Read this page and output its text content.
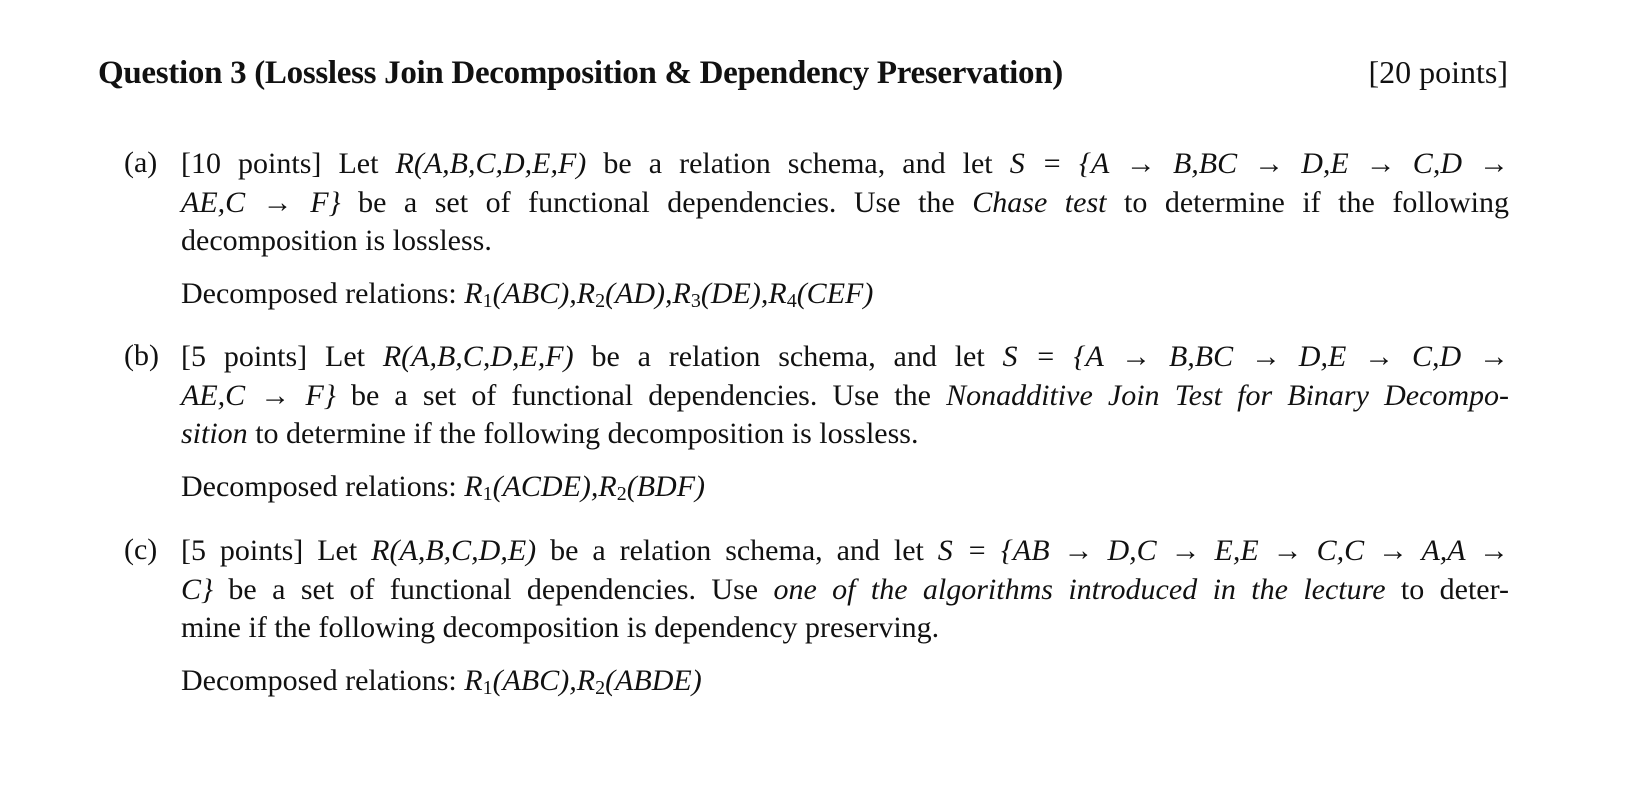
Question 3 (Lossless Join Decomposition & Dependency Preservation)	[20 points]
(a) [10 points] Let R(A,B,C,D,E,F) be a relation schema, and let S = {A → B,BC → D,E → C,D →
AE,C → F} be a set of functional dependencies. Use the Chase test to determine if the following
decomposition is lossless.
Decomposed relations: $R_1(ABC),R_2(AD),R_3(DE),R_4(CEF)$
(b) [5 points] Let R(A,B,C,D,E,F) be a relation schema, and let S = {A → B,BC → D,E → C,D →
AE,C → F} be a set of functional dependencies. Use the Nonadditive Join Test for Binary Decompo-
sition to determine if the following decomposition is lossless.
Decomposed relations: $R_1(ACDE),R_2(BDF)$
(c) [5 points] Let R(A,B,C,D,E) be a relation schema, and let S = {AB → D,C → E,E → C,C → A,A →
C} be a set of functional dependencies. Use one of the algorithms introduced in the lecture to deter-
mine if the following decomposition is dependency preserving.
Decomposed relations: $R_1(ABC),R_2(ABDE)$
